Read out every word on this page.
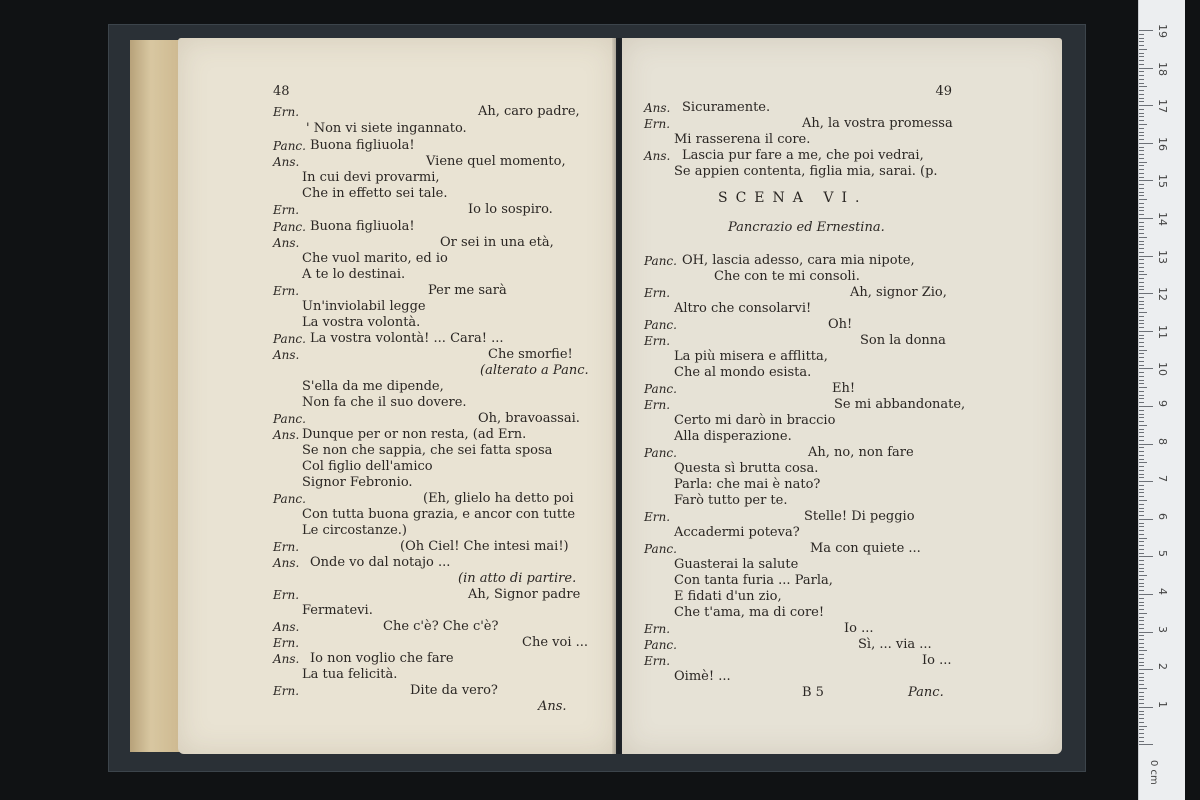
48
Ern.	Ah, caro padre,
' Non vi siete ingannato.
Panc. Buona figliuola!
Ans.	Viene quel momento,
In cui devi provarmi,
Che in effetto sei tale.
Ern.	Io lo sospiro.
Panc. Buona figliuola!
Ans.	Or sei in una età,
Che vuol marito, ed io
A te lo destinai.
Ern.	Per me sarà
Un'inviolabil legge
La vostra volontà.
Panc. La vostra volontà! ... Cara! ...
Ans.	Che smorfie!
(alterato a Panc.
S'ella da me dipende,
Non fa che il suo dovere.
Panc.	Oh, bravoassai.
Ans. Dunque per or non resta, (ad Ern.
Se non che sappia, che sei fatta sposa
Col figlio dell'amico
Signor Febronio.
Panc.	(Eh, glielo ha detto poi
Con tutta buona grazia, e ancor con tutte
Le circostanze.)
Ern.	(Oh Ciel! Che intesi mai!)
Ans. Onde vo dal notajo ...
(in atto di partire.
Ern.	Ah, Signor padre
Fermatevi.
Ans.	Che c'è? Che c'è?
Ern.	Che voi ...
Ans. Io non voglio che fare
La tua felicità.
Ern.	Dite da vero?
Ans.
49
Ans. Sicuramente.
Ern.	Ah, la vostra promessa
Mi rasserena il core.
Ans. Lascia pur fare a me, che poi vedrai,
Se appien contenta, figlia mia, sarai. (p.
SCENA VI.
Pancrazio ed Ernestina.
Panc. OH, lascia adesso, cara mia nipote,
Che con te mi consoli.
Ern.	Ah, signor Zio,
Altro che consolarvi!
Panc.	Oh!
Ern.	Son la donna
La più misera e afflitta,
Che al mondo esista.
Panc.	Eh!
Ern.	Se mi abbandonate,
Certo mi darò in braccio
Alla disperazione.
Panc.	Ah, no, non fare
Questa sì brutta cosa.
Parla: che mai è nato?
Farò tutto per te.
Ern.	Stelle! Di peggio
Accadermi poteva?
Panc.	Ma con quiete ...
Guasterai la salute
Con tanta furia ... Parla,
E fidati d'un zio,
Che t'ama, ma di core!
Ern.	Io ...
Panc.	Sì, ... via ...
Ern.	Io ...
Oimè! ...
B 5	Panc.
0 cm
19
18
17
16
15
14
13
12
11
10
9
8
7
6
5
4
3
2
1
